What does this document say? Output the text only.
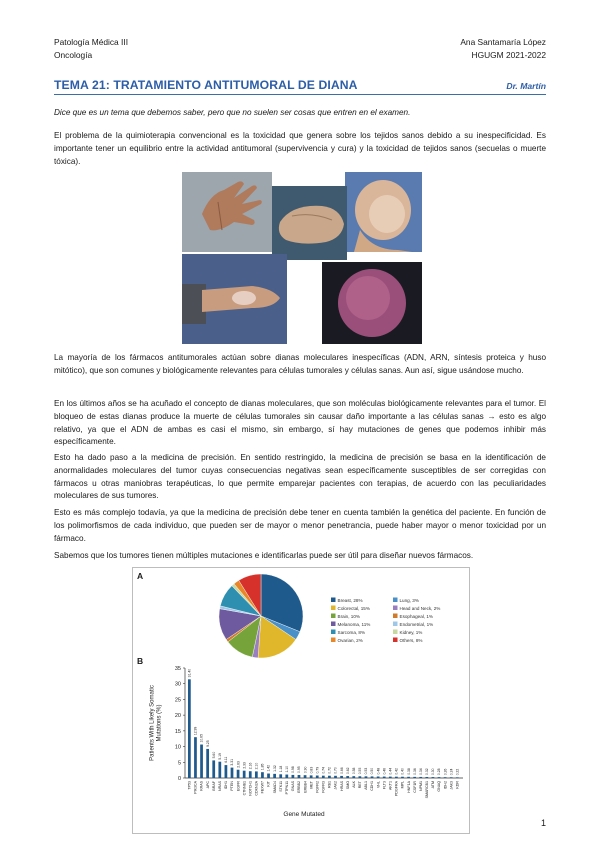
Patología Médica III
Oncología
Ana Santamaría López
HGUGM 2021-2022
TEMA 21: TRATAMIENTO ANTITUMORAL DE DIANA	Dr. Martín
Dice que es un tema que debemos saber, pero que no suelen ser cosas que entren en el examen.
El problema de la quimioterapia convencional es la toxicidad que genera sobre los tejidos sanos debido a su inespecificidad. Es importante tener un equilibrio entre la actividad antitumoral (supervivencia y cura) y la toxicidad de tejidos sanos (secuelas o muerte tóxica).
La mayoría de los fármacos antitumorales actúan sobre dianas moleculares inespecíficas (ADN, ARN, síntesis proteica y huso mitótico), que son comunes y biológicamente relevantes para células tumorales y células sanas. Aun así, sigue usándose mucho.
En los últimos años se ha acuñado el concepto de dianas moleculares, que son moléculas biológicamente relevantes para el tumor. El bloqueo de estas dianas produce la muerte de células tumorales sin causar daño importante a las células sanas → esto es algo relativo, ya que el ADN de ambas es casi el mismo, sin embargo, sí hay mutaciones de genes que podemos inhibir más específicamente.
Esto ha dado paso a la medicina de precisión. En sentido restringido, la medicina de precisión se basa en la identificación de anormalidades moleculares del tumor cuyas consecuencias negativas sean específicamente susceptibles de ser corregidas con fármacos u otras maniobras terapéuticas, lo que permite emparejar pacientes con terapias, de acuerdo con las peculiaridades moleculares de sus tumores.
Esto es más complejo todavía, ya que la medicina de precisión debe tener en cuenta también la genética del paciente. En función de los polimorfismos de cada individuo, que pueden ser de mayor o menor penetrancia, puede haber mayor o menor toxicidad por un fármaco.
Sabemos que los tumores tienen múltiples mutaciones e identificarlas puede ser útil para diseñar nuevos fármacos.
A
B
Breast, 28%	Lung, 3%
Colorectal, 15%	Head and Neck, 2%
Brain, 10%	Esophageal, 1%
Melanoma, 11%	Endometrial, 1%
Sarcoma, 8%	Kidney, 1%
Ovarian, 2%	Others, 8%
0
5
10
15
20
25
30
35
Patients With Likely SomaticMutations (%)
31.40
TP53
12.99
PIK3CA
10.65
KRAS
9.25
APC
5.60
BRAF
5.19
NRAS
4.11
IDH1
3.31
PTEN
2.63
EGFR
2.33
CTNNB1
2.16
NOTCH1
2.10
CDKN2A
1.85
FBXW7
1.42
KIT
1.32
SMAD4
1.18
STK11
1.10
PTPN11
0.98
GNAS
0.95
ERBB2
0.90
ERBB4
0.83
MET
0.79
FGFR2
0.74
FGFR3
0.72
RB1
0.70
JAK2
0.66
HRAS
0.62
SMO
0.58
ALK
0.55
RET
0.53
ABL1
0.50
CDH1
0.48
VHL
0.46
FLT3
0.44
AKT1
0.42
PDGFRA
0.40
MPL
0.38
HNF1A
0.36
CSF1R
0.34
NPM1
0.32
SMARCB1
0.30
ATM
0.28
GNAQ
0.26
IDH2
0.24
JAK3
0.22
KDR
Gene Mutated
1
